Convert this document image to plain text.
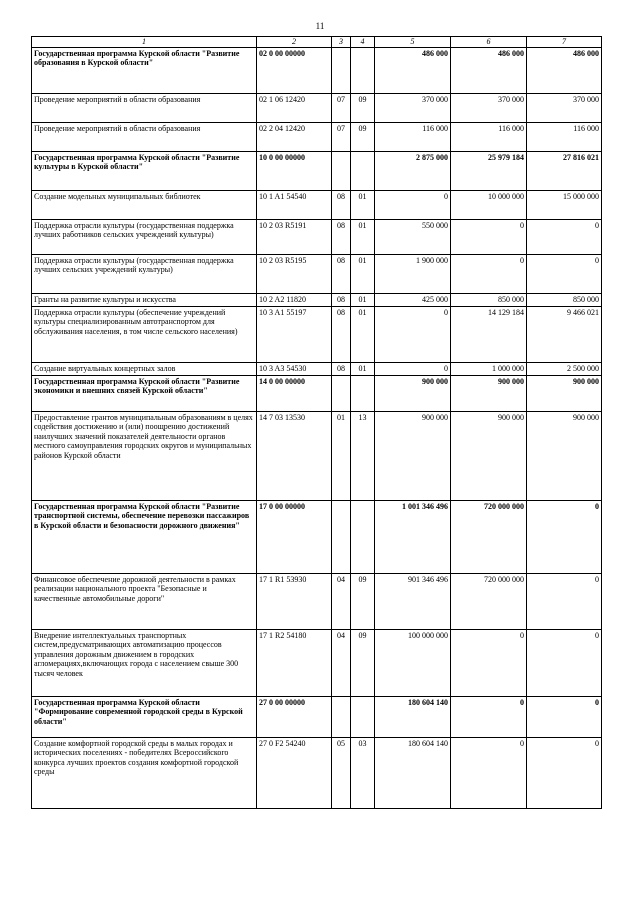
11
1	2	3	4	5	6	7
Государственная программа Курской области "Развитие образования в Курской области"	02 0 00 00000			486 000	486 000	486 000
Проведение мероприятий в области образования	02 1 06 12420	07	09	370 000	370 000	370 000
Проведение мероприятий в области образования	02 2 04 12420	07	09	116 000	116 000	116 000
Государственная программа Курской области "Развитие культуры в Курской области"	10 0 00 00000			2 875 000	25 979 184	27 816 021
Создание модельных муниципальных библиотек	10 1 A1 54540	08	01	0	10 000 000	15 000 000
Поддержка отрасли культуры (государственная поддержка лучших работников сельских учреждений культуры)	10 2 03 R5191	08	01	550 000	0	0
Поддержка отрасли культуры (государственная поддержка лучших сельских учреждений культуры)	10 2 03 R5195	08	01	1 900 000	0	0
Гранты на развитие культуры и искусства	10 2 A2 11820	08	01	425 000	850 000	850 000
Поддержка отрасли культуры (обеспечение учреждений культуры специализированным автотранспортом для обслуживания населения, в том числе сельского населения)	10 3 A1 55197	08	01	0	14 129 184	9 466 021
Создание виртуальных концертных залов	10 3 A3 54530	08	01	0	1 000 000	2 500 000
Государственная программа Курской области "Развитие экономики и внешних связей Курской области"	14 0 00 00000			900 000	900 000	900 000
Предоставление грантов муниципальным образованиям в целях содействия достижению и (или) поощрению достижений наилучших значений показателей деятельности органов местного самоуправления городских округов и муниципальных районов Курской области	14 7 03 13530	01	13	900 000	900 000	900 000
Государственная программа Курской области "Развитие транспортной системы, обеспечение перевозки пассажиров в Курской области и безопасности дорожного движения"	17 0 00 00000			1 001 346 496	720 000 000	0
Финансовое обеспечение дорожной деятельности в рамках реализации национального проекта "Безопасные и качественные автомобильные дороги"	17 1 R1 53930	04	09	901 346 496	720 000 000	0
Внедрение интеллектуальных транспортных систем,предусматривающих автоматизацию процессов управления дорожным движением в городских агломерациях,включающих города с населением свыше 300 тысяч человек	17 1 R2 54180	04	09	100 000 000	0	0
Государственная программа Курской области "Формирование современной городской среды в Курской области"	27 0 00 00000			180 604 140	0	0
Создание комфортной городской среды в малых городах и исторических поселениях - победителях Всероссийского конкурса лучших проектов создания комфортной городской среды	27 0 F2 54240	05	03	180 604 140	0	0
